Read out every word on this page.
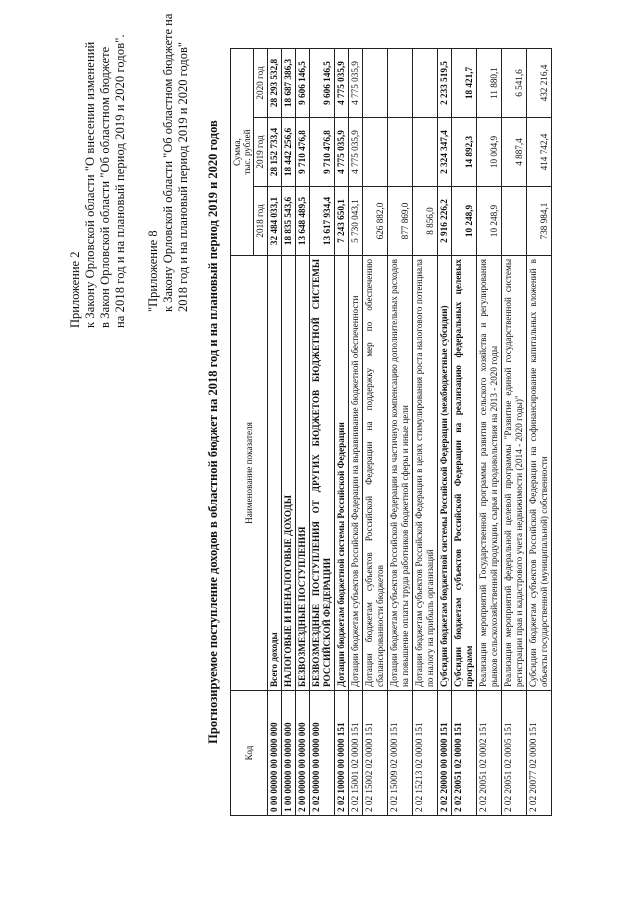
Приложение 2 к Закону Орловской области "О внесении изменений в Закон Орловской области "Об областном бюджете на 2018 год и на плановый период 2019 и 2020 годов". "Приложение 8 к Закону Орловской области "Об областном бюджете на 2018 год и на плановый период 2019 и 2020 годов" Прогнозируемое поступление доходов в областной бюджет на 2018 год и на плановый период 2019 и 2020 годов
Код	Наименование показателя	Сумма, тыс. рублей		

		2018 год	2019 год	2020 год
0 00 00000 00 0000 000	Всего доходы	32 484 033,1	28 152 733,4	28 293 532,8
1 00 00000 00 0000 000	НАЛОГОВЫЕ И НЕНАЛОГОВЫЕ ДОХОДЫ	18 835 543,6	18 442 256,6	18 687 386,3
2 00 00000 00 0000 000	БЕЗВОЗМЕЗДНЫЕ ПОСТУПЛЕНИЯ	13 648 489,5	9 710 476,8	9 606 146,5
2 02 00000 00 0000 000	БЕЗВОЗМЕЗДНЫЕ ПОСТУПЛЕНИЯ ОТ ДРУГИХ БЮДЖЕТОВ БЮДЖЕТНОЙ СИСТЕМЫ РОССИЙСКОЙ ФЕДЕРАЦИИ	13 617 934,4	9 710 476,8	9 606 146,5
2 02 10000 00 0000 151	Дотации бюджетам бюджетной системы Российской Федерации	7 243 650,1	4 775 035,9	4 775 035,9
2 02 15001 02 0000 151	Дотации бюджетам субъектов Российской Федерации на выравнивание бюджетной обеспеченности	5 730 043,1	4 775 035,9	4 775 035,9
2 02 15002 02 0000 151	Дотации бюджетам субъектов Российской Федерации на поддержку мер по обеспечению сбалансированности бюджетов	626 882,0		
2 02 15009 02 0000 151	Дотации бюджетам субъектов Российской Федерации на частичную компенсацию дополнительных расходов на повышение оплаты труда работников бюджетной сферы и иные цели	877 869,0		
2 02 15213 02 0000 151	Дотации бюджетам субъектов Российской Федерации в целях стимулирования роста налогового потенциала по налогу на прибыль организаций	8 856,0		
2 02 20000 00 0000 151	Субсидии бюджетам бюджетной системы Российской Федерации (межбюджетные субсидии)	2 916 226,2	2 324 347,4	2 233 519,5
2 02 20051 02 0000 151	Субсидии бюджетам субъектов Российской Федерации на реализацию федеральных целевых программ	10 248,9	14 892,3	18 421,7
2 02 20051 02 0002 151	Реализация мероприятий Государственной программы развития сельского хозяйства и регулирования рынков сельскохозяйственной продукции, сырья и продовольствия на 2013 - 2020 годы	10 248,9	10 004,9	11 880,1
2 02 20051 02 0005 151	Реализация мероприятий федеральной целевой программы "Развитие единой государственной системы регистрации прав и кадастрового учета недвижимости (2014 - 2020 годы)"		4 887,4	6 541,6
2 02 20077 02 0000 151	Субсидии бюджетам субъектов Российской Федерации на софинансирование капитальных вложений в объекты государственной (муниципальной) собственности	738 984,1	414 742,4	432 216,4
